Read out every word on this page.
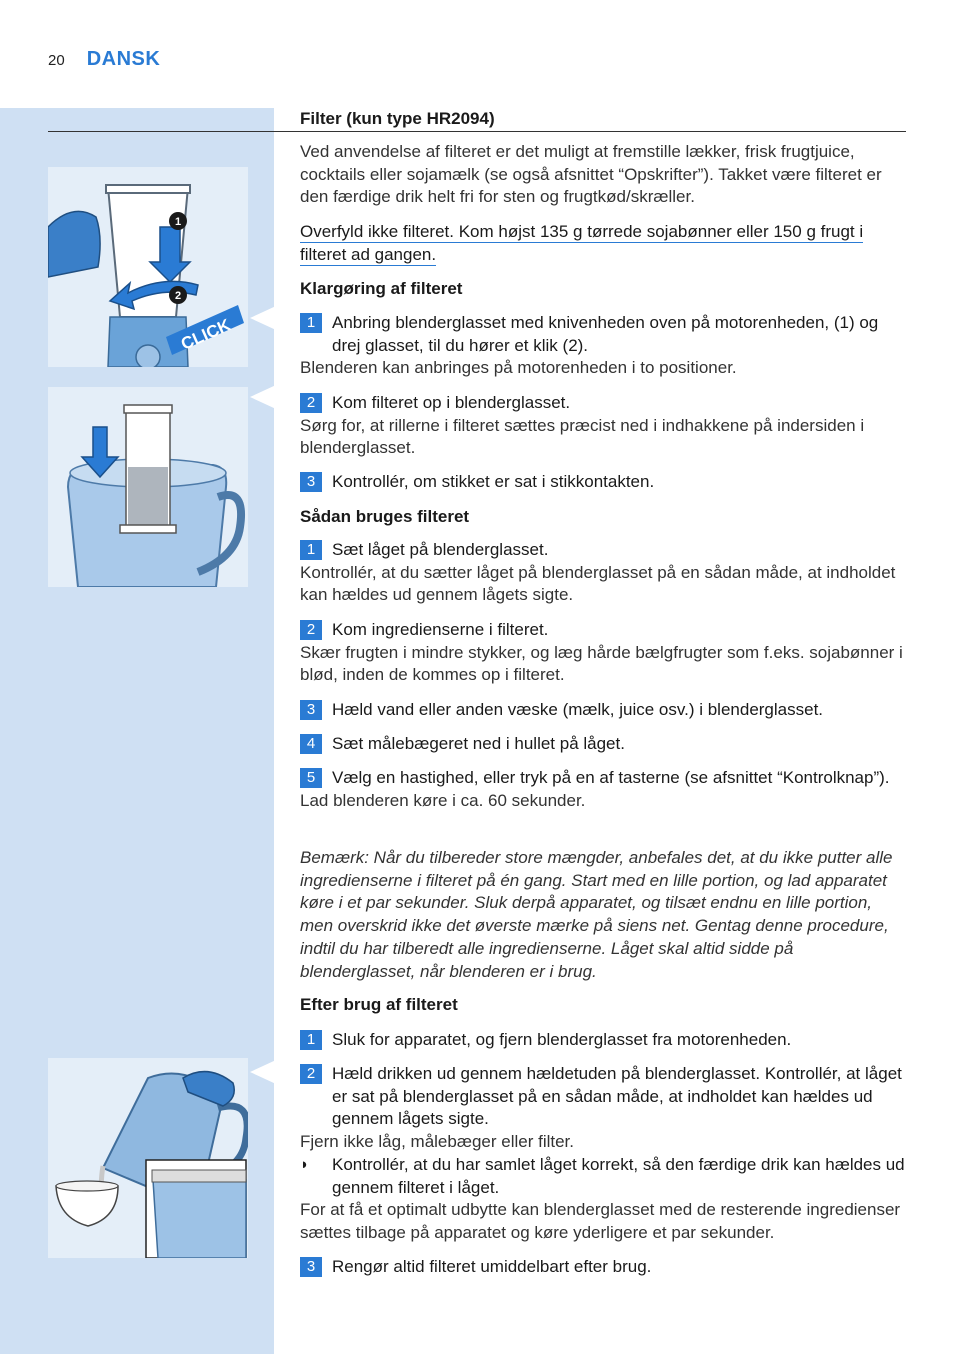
20 DANSK
1
2
CLICK

Filter (kun type HR2094)

Ved anvendelse af filteret er det muligt at fremstille lækker, frisk frugtjuice, cocktails eller sojamælk (se også afsnittet “Opskrifter”). Takket være filteret er den færdige drik helt fri for sten og frugtkød/skræller.

Overfyld ikke filteret. Kom højst 135 g tørrede sojabønner eller 150 g frugt i filteret ad gangen.

Klargøring af filteret

1 Anbring blenderglasset med knivenheden oven på motorenheden, (1) og drej glasset, til du hører et klik (2).

Blenderen kan anbringes på motorenheden i to positioner.

2 Kom filteret op i blenderglasset.

Sørg for, at rillerne i filteret sættes præcist ned i indhakkene på indersiden i blenderglasset.

3 Kontrollér, om stikket er sat i stikkontakten.

Sådan bruges filteret

1 Sæt låget på blenderglasset.

Kontrollér, at du sætter låget på blenderglasset på en sådan måde, at indholdet kan hældes ud gennem lågets sigte.

2 Kom ingredienserne i filteret.

Skær frugten i mindre stykker, og læg hårde bælgfrugter som f.eks. sojabønner i blød, inden de kommes op i filteret.

3 Hæld vand eller anden væske (mælk, juice osv.) i blenderglasset.
4 Sæt målebægeret ned i hullet på låget.
5 Vælg en hastighed, eller tryk på en af tasterne (se afsnittet “Kontrolknap”).

Lad blenderen køre i ca. 60 sekunder.

Bemærk: Når du tilbereder store mængder, anbefales det, at du ikke putter alle ingredienserne i filteret på én gang. Start med en lille portion, og lad apparatet køre i et par sekunder. Sluk derpå apparatet, og tilsæt endnu en lille portion, men overskrid ikke det øverste mærke på siens net. Gentag denne procedure, indtil du har tilberedt alle ingredienserne. Låget skal altid sidde på blenderglasset, når blenderen er i brug.

Efter brug af filteret

1 Sluk for apparatet, og fjern blenderglasset fra motorenheden.
2 Hæld drikken ud gennem hældetuden på blenderglasset. Kontrollér, at låget er sat på blenderglasset på en sådan måde, at indholdet kan hældes ud gennem lågets sigte.

Fjern ikke låg, målebæger eller filter.

◗	Kontrollér, at du har samlet låget korrekt, så den færdige drik kan hældes ud gennem filteret i låget.

For at få et optimalt udbytte kan blenderglasset med de resterende ingredienser sættes tilbage på apparatet og køre yderligere et par sekunder.

3 Rengør altid filteret umiddelbart efter brug.
